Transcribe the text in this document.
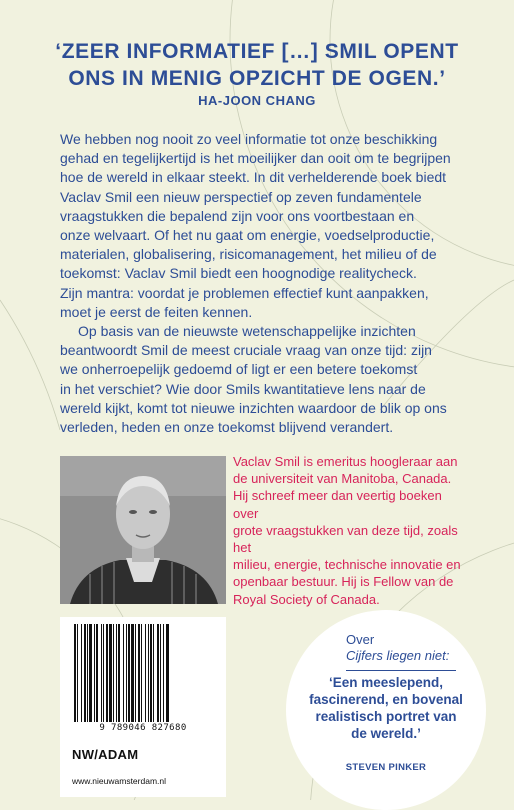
‘ZEER INFORMATIEF […] SMIL OPENT
ONS IN MENIG OPZICHT DE OGEN.’
HA-JOON CHANG

We hebben nog nooit zo veel informatie tot onze beschikking
gehad en tegelijkertijd is het moeilijker dan ooit om te begrijpen
hoe de wereld in elkaar steekt. In dit verhelderende boek biedt
Vaclav Smil een nieuw perspectief op zeven fundamentele
vraagstukken die bepalend zijn voor ons voortbestaan en
onze welvaart. Of het nu gaat om energie, voedselproductie,
materialen, globalisering, risicomanagement, het milieu of de
toekomst: Vaclav Smil biedt een hoognodige realitycheck.
Zijn mantra: voordat je problemen effectief kunt aanpakken,
moet je eerst de feiten kennen.

Op basis van de nieuwste wetenschappelijke inzichten
beantwoordt Smil de meest cruciale vraag van onze tijd: zijn
we onherroepelijk gedoemd of ligt er een betere toekomst
in het verschiet? Wie door Smils kwantitatieve lens naar de
wereld kijkt, komt tot nieuwe inzichten waardoor de blik op ons
verleden, heden en onze toekomst blijvend verandert.

Vaclav Smil is emeritus hoogleraar aan
de universiteit van Manitoba, Canada.
Hij schreef meer dan veertig boeken over
grote vraagstukken van deze tijd, zoals het
milieu, energie, technische innovatie en
openbaar bestuur. Hij is Fellow van de
Royal Society of Canada.
9 789046 827680
NW/ADAM
www.nieuwamsterdam.nl
Over
Cijfers liegen niet:
‘Een meeslepend,
fascinerend, en bovenal
realistisch portret van
de wereld.’
STEVEN PINKER
